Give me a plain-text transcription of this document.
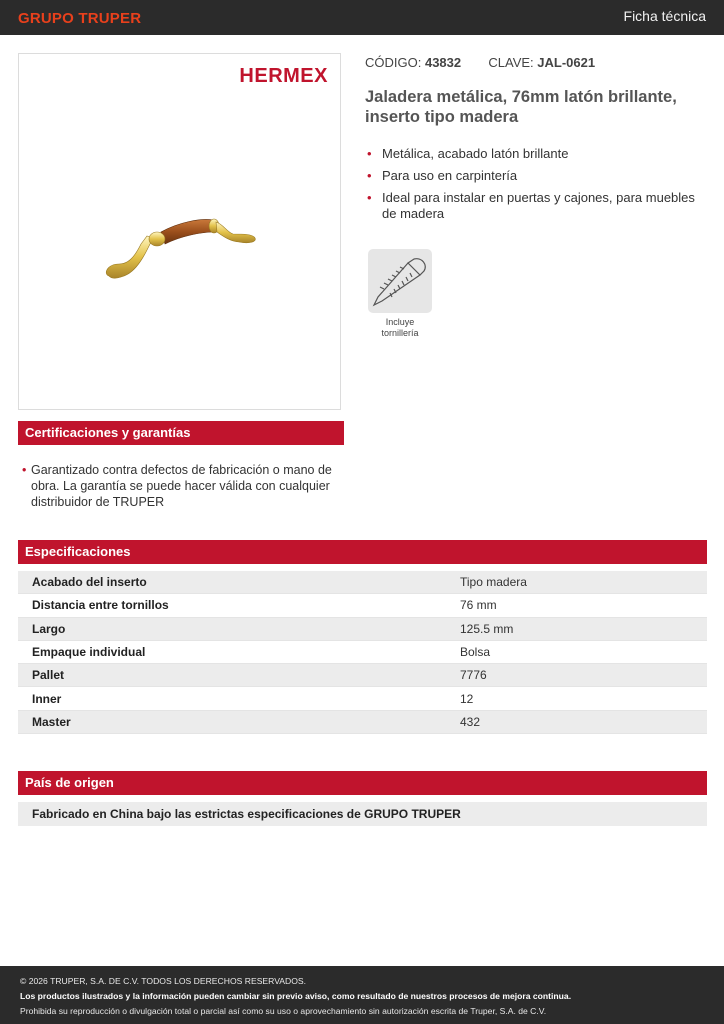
GRUPO TRUPER	Ficha técnica
HERMEX
CÓDIGO: 43832 CLAVE: JAL-0621
Jaladera metálica, 76mm latón brillante, inserto tipo madera
• Metálica, acabado latón brillante
• Para uso en carpintería
• Ideal para instalar en puertas y cajones, para muebles de madera
Incluye tornillería
Certificaciones y garantías
• Garantizado contra defectos de fabricación o mano de obra. La garantía se puede hacer válida con cualquier distribuidor de TRUPER
Especificaciones
Acabado del inserto	Tipo madera
Distancia entre tornillos	76 mm
Largo	125.5 mm
Empaque individual	Bolsa
Pallet	7776
Inner	12
Master	432
País de origen
Fabricado en China bajo las estrictas especificaciones de GRUPO TRUPER
© 2026 TRUPER, S.A. DE C.V. TODOS LOS DERECHOS RESERVADOS.
Los productos ilustrados y la información pueden cambiar sin previo aviso, como resultado de nuestros procesos de mejora continua.
Prohibida su reproducción o divulgación total o parcial así como su uso o aprovechamiento sin autorización escrita de Truper, S.A. de C.V.
